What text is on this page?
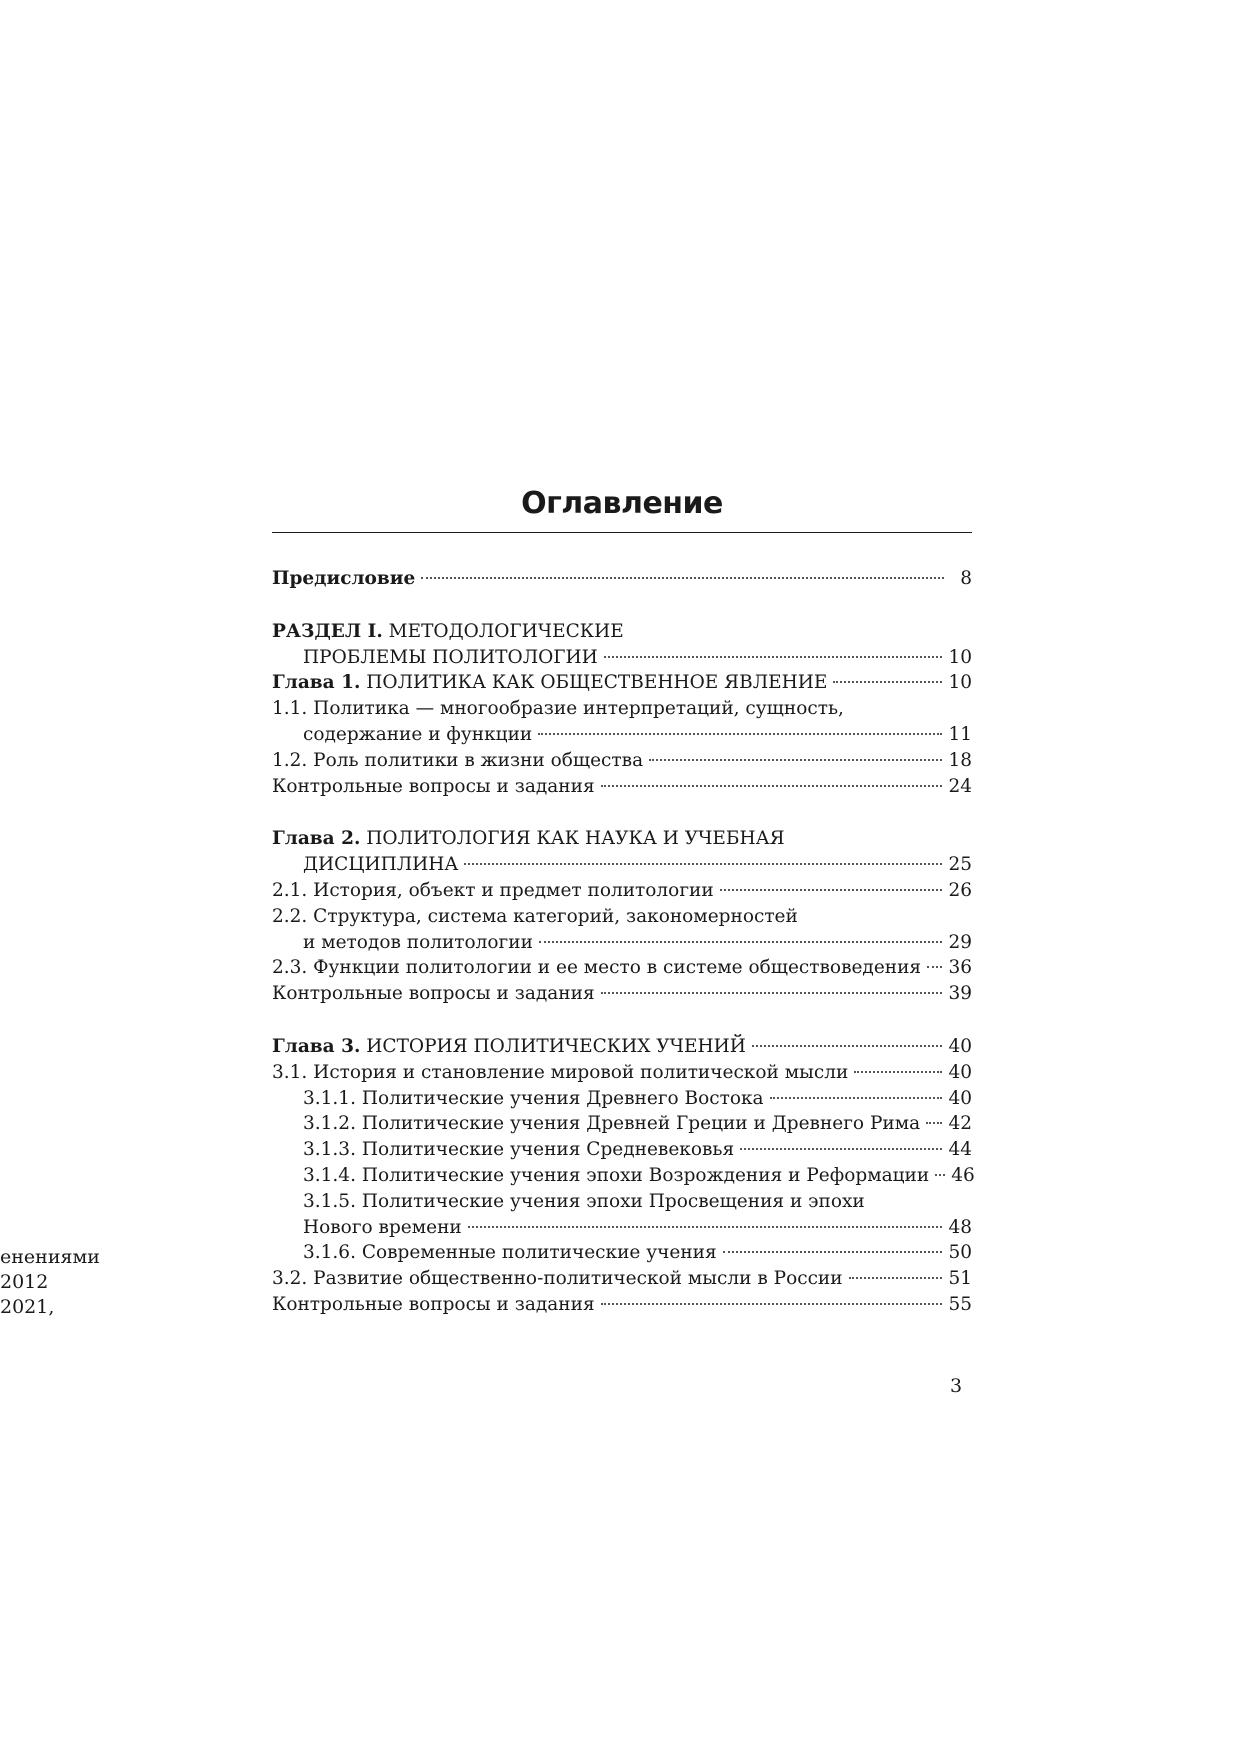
енениями
2012
2021,
Оглавление
Предисловие	8
РАЗДЕЛ I. МЕТОДОЛОГИЧЕСКИЕ
ПРОБЛЕМЫ ПОЛИТОЛОГИИ	10
Глава 1. ПОЛИТИКА КАК ОБЩЕСТВЕННОЕ ЯВЛЕНИЕ	10
1.1. Политика — многообразие интерпретаций, сущность,
содержание и функции	11
1.2. Роль политики в жизни общества	18
Контрольные вопросы и задания	24
Глава 2. ПОЛИТОЛОГИЯ КАК НАУКА И УЧЕБНАЯ
ДИСЦИПЛИНА	25
2.1. История, объект и предмет политологии	26
2.2. Структура, система категорий, закономерностей
и методов политологии	29
2.3. Функции политологии и ее место в системе обществоведения 36
Контрольные вопросы и задания	39
Глава 3. ИСТОРИЯ ПОЛИТИЧЕСКИХ УЧЕНИЙ	40
3.1. История и становление мировой политической мысли	40
3.1.1. Политические учения Древнего Востока	40
3.1.2. Политические учения Древней Греции и Древнего Рима 42
3.1.3. Политические учения Средневековья	44
3.1.4. Политические учения эпохи Возрождения и Реформации 46
3.1.5. Политические учения эпохи Просвещения и эпохи
Нового времени	48
3.1.6. Современные политические учения	50
3.2. Развитие общественно-политической мысли в России	51
Контрольные вопросы и задания	55
3
